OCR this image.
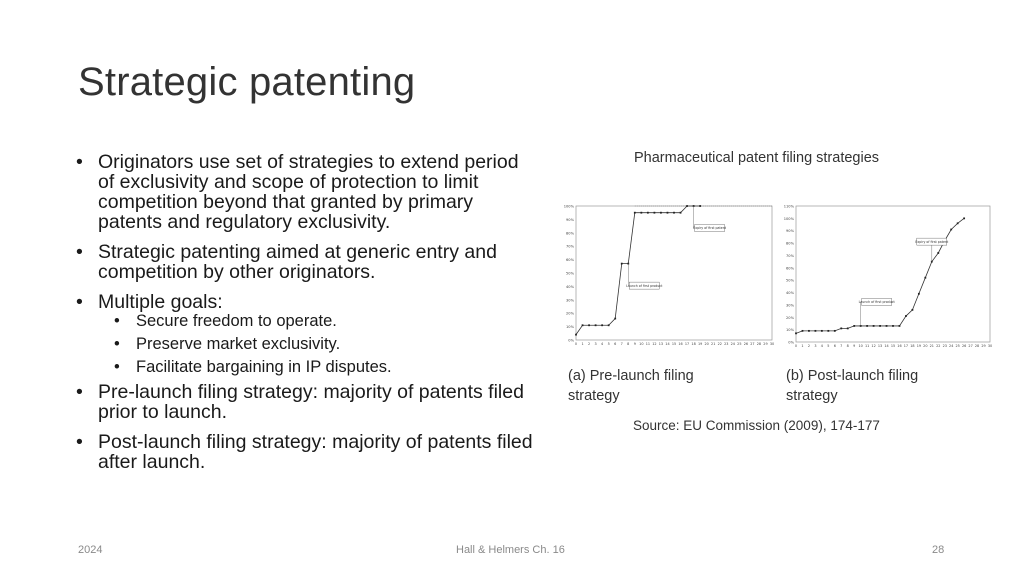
Strategic patenting
• Originators use set of strategies to extend period of exclusivity and scope of protection to limit competition beyond that granted by primary patents and regulatory exclusivity.
• Strategic patenting aimed at generic entry and competition by other originators.
• Multiple goals:
• Secure freedom to operate.
• Preserve market exclusivity.
• Facilitate bargaining in IP disputes.
• Pre-launch filing strategy: majority of patents filed prior to launch.
• Post-launch filing strategy: majority of patents filed after launch.
Pharmaceutical patent filing strategies
0%
10%
20%
30%
40%
50%
60%
70%
80%
90%
100%
0 1 2 3 4 5 6 7 8 9 10 11 12 13 14 15 16 17 18 19 20 21 22 23 24 25 26 27 28 29 30
Launch of first product
Expiry of first patent
0%
10%
20%
30%
40%
50%
60%
70%
80%
90%
100%
110%
0 1 2 3 4 5 6 7 8 9 10 11 12 13 14 15 16 17 18 19 20 21 22 23 24 25 26 27 28 29 30
Launch of first product
Expiry of first patent
(a) Pre-launch filing
strategy
(b) Post-launch filing
strategy
Source: EU Commission (2009), 174-177
2024	Hall & Helmers Ch. 16	28
